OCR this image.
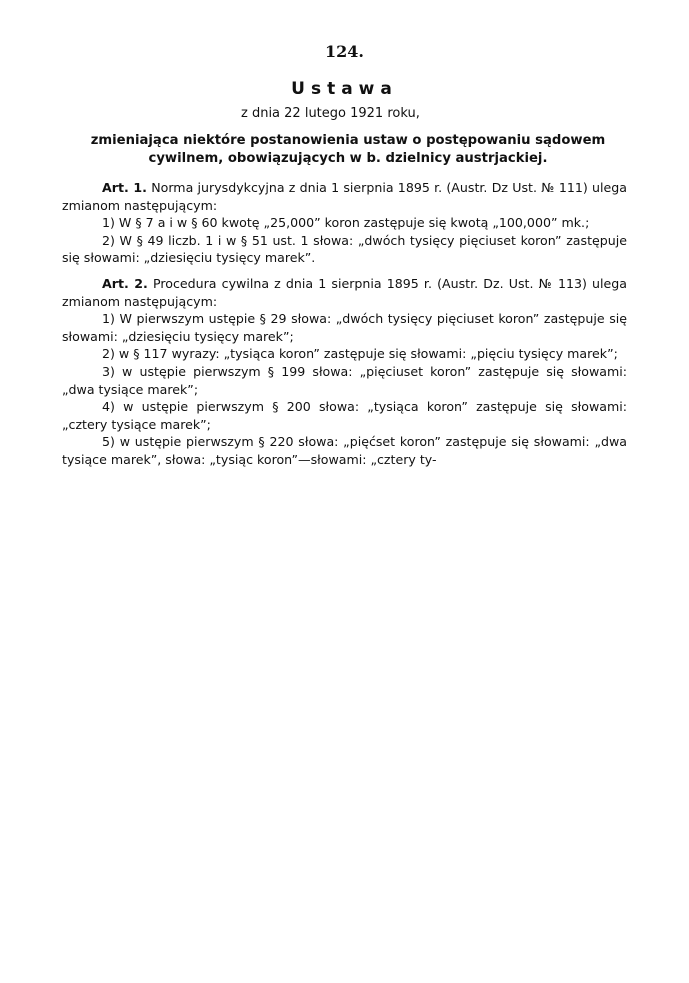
124.
Ustawa
z dnia 22 lutego 1921 roku,
zmieniająca niektóre postanowienia ustaw o postępowaniu sądowem cywilnem, obowiązujących w b. dzielnicy austrjackiej.

Art. 1. Norma jurysdykcyjna z dnia 1 sierpnia 1895 r. (Austr. Dz Ust. № 111) ulega zmianom następującym:

1) W § 7 a i w § 60 kwotę „25,000” koron zastępuje się kwotą „100,000” mk.;

2) W § 49 liczb. 1 i w § 51 ust. 1 słowa: „dwóch tysięcy pięciuset koron” zastępuje się słowami: „dziesięciu tysięcy marek”.

Art. 2. Procedura cywilna z dnia 1 sierpnia 1895 r. (Austr. Dz. Ust. № 113) ulega zmianom następującym:

1) W pierwszym ustępie § 29 słowa: „dwóch tysięcy pięciuset koron” zastępuje się słowami: „dziesięciu tysięcy marek”;

2) w § 117 wyrazy: „tysiąca koron” zastępuje się słowami: „pięciu tysięcy marek”;

3) w ustępie pierwszym § 199 słowa: „pięciuset koron” zastępuje się słowami: „dwa tysiące marek”;

4) w ustępie pierwszym § 200 słowa: „tysiąca koron” zastępuje się słowami: „cztery tysiące marek”;

5) w ustępie pierwszym § 220 słowa: „pięćset koron” zastępuje się słowami: „dwa tysiące marek”, słowa: „tysiąc koron”—słowami: „cztery ty-
